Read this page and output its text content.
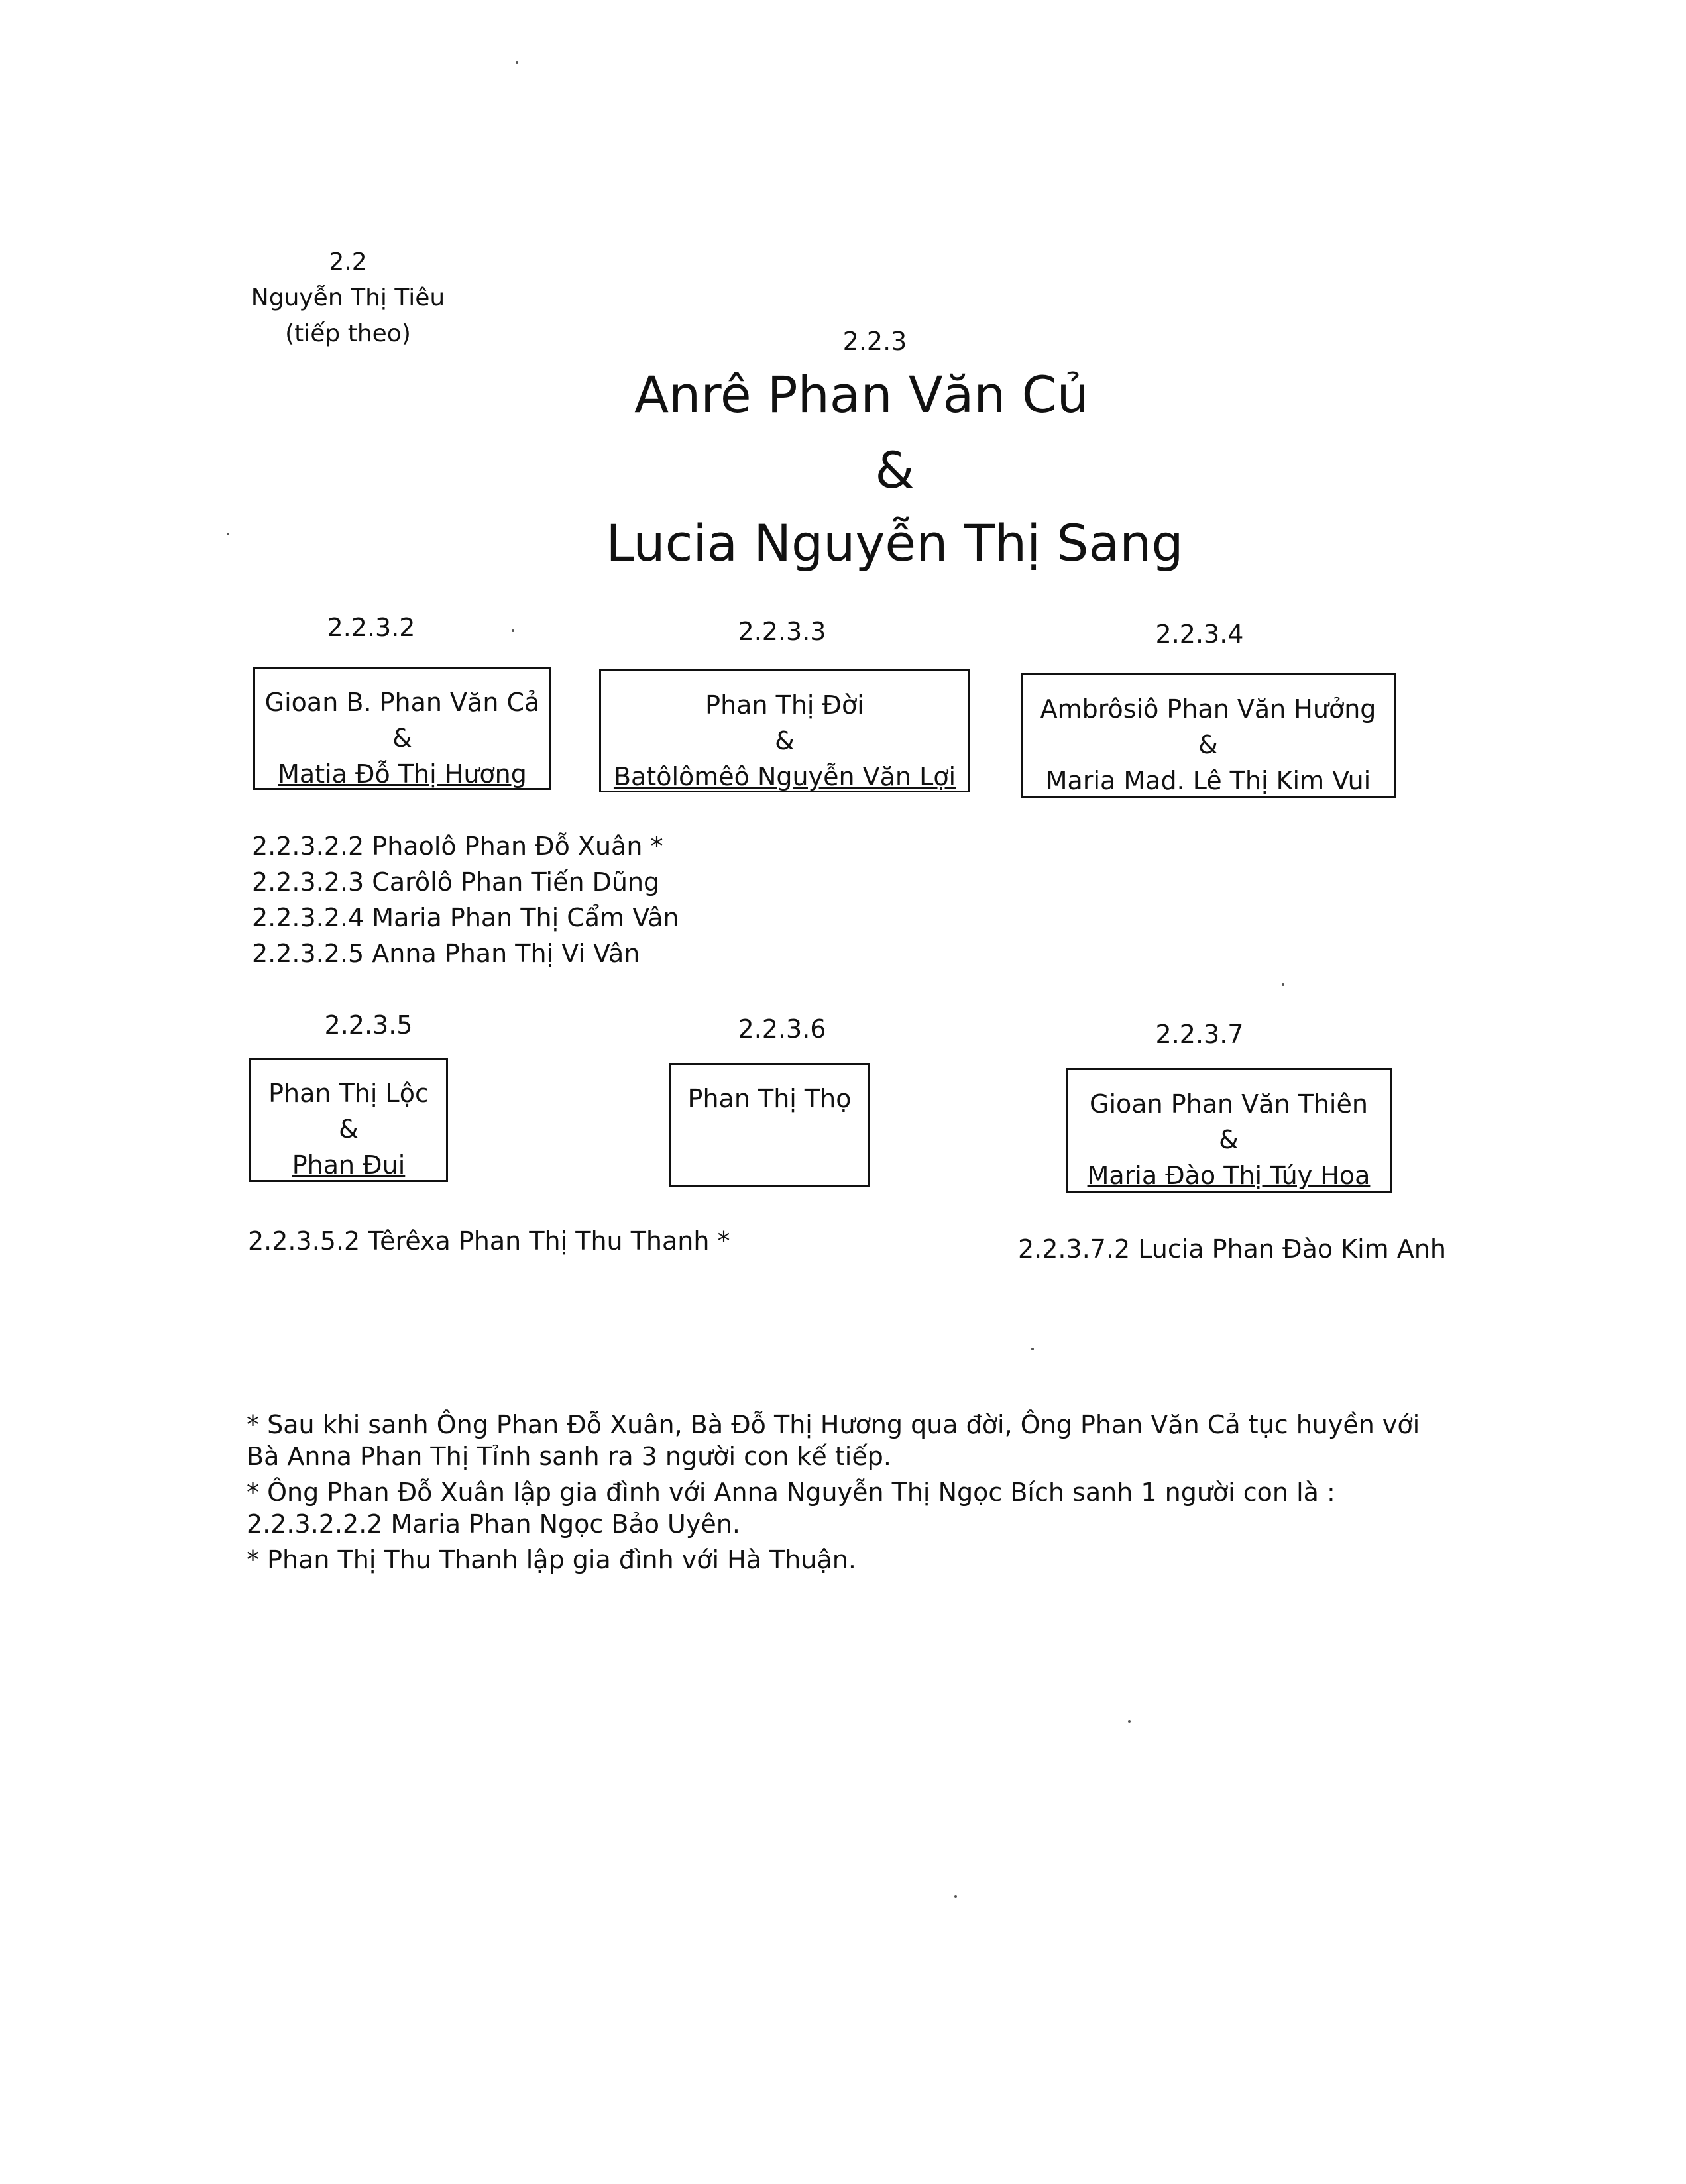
2.2
Nguyễn Thị Tiêu
(tiếp theo)	2.2.3
Anrê Phan Văn Củ
&
Lucia Nguyễn Thị Sang
2.2.3.2	2.2.3.3	2.2.3.4
Gioan B. Phan Văn Cả
&
Matia Đỗ Thị Hương
Phan Thị Đời
&
Batôlômêô Nguyễn Văn Lợi
Ambrôsiô Phan Văn Hưởng
&
Maria Mad. Lê Thị Kim Vui
2.2.3.2.2 Phaolô Phan Đỗ Xuân *
2.2.3.2.3 Carôlô Phan Tiến Dũng
2.2.3.2.4 Maria Phan Thị Cẩm Vân
2.2.3.2.5 Anna Phan Thị Vi Vân
2.2.3.5	2.2.3.6	2.2.3.7
Phan Thị Lộc
&
Phan Đui
Phan Thị Thọ	Gioan Phan Văn Thiên
&
Maria Đào Thị Túy Hoa
2.2.3.5.2 Têrêxa Phan Thị Thu Thanh *	2.2.3.7.2 Lucia Phan Đào Kim Anh
* Sau khi sanh Ông Phan Đỗ Xuân, Bà Đỗ Thị Hương qua đời, Ông Phan Văn Cả tục huyền với Bà Anna Phan Thị Tỉnh sanh ra 3 người con kế tiếp.
* Ông Phan Đỗ Xuân lập gia đình với Anna Nguyễn Thị Ngọc Bích sanh 1 người con là : 2.2.3.2.2.2 Maria Phan Ngọc Bảo Uyên.
* Phan Thị Thu Thanh lập gia đình với Hà Thuận.
